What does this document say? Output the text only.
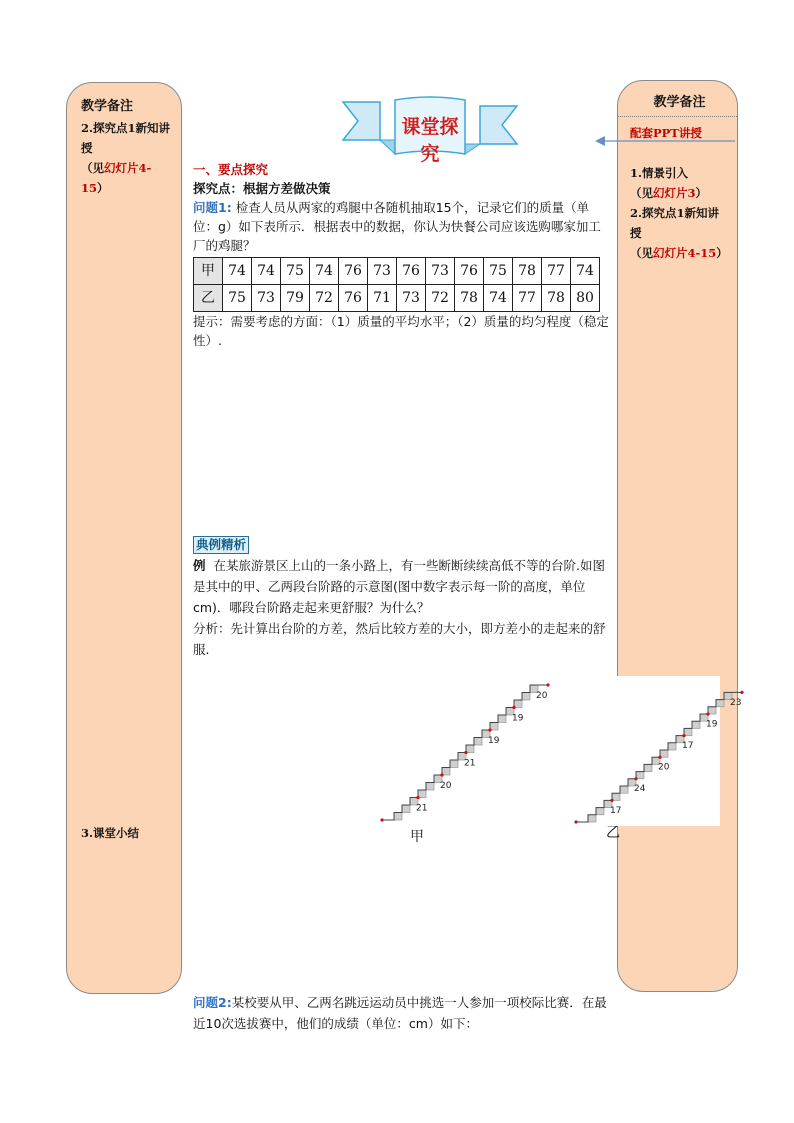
教学备注
2.探究点1新知讲授
（见幻灯片4-15）
3.课堂小结
教学备注
配套PPT讲授
1.情景引入
（见幻灯片3）
2.探究点1新知讲授
（见幻灯片4-15）
课堂探究
一、要点探究
探究点：根据方差做决策
问题1: 检查人员从两家的鸡腿中各随机抽取15个，记录它们的质量（单位：g）如下表所示．根据表中的数据，你认为快餐公司应该选购哪家加工厂的鸡腿？
甲	74	74	75	74	76	73	76	73	76	75	78	77	74
乙	75	73	79	72	76	71	73	72	78	74	77	78	80
提示：需要考虑的方面：（1）质量的平均水平；（2）质量的均匀程度（稳定性）.
典例精析
例 在某旅游景区上山的一条小路上，有一些断断续续高低不等的台阶.如图是其中的甲、乙两段台阶路的示意图(图中数字表示每一阶的高度，单位cm)．哪段台阶路走起来更舒服？为什么？
分析：先计算出台阶的方差，然后比较方差的大小，即方差小的走起来的舒服.
21
20
21
19
19
20
甲
17
24
20
17
19
23
乙
问题2:某校要从甲、乙两名跳远运动员中挑选一人参加一项校际比赛．在最近10次选拔赛中，他们的成绩（单位：cm）如下：
